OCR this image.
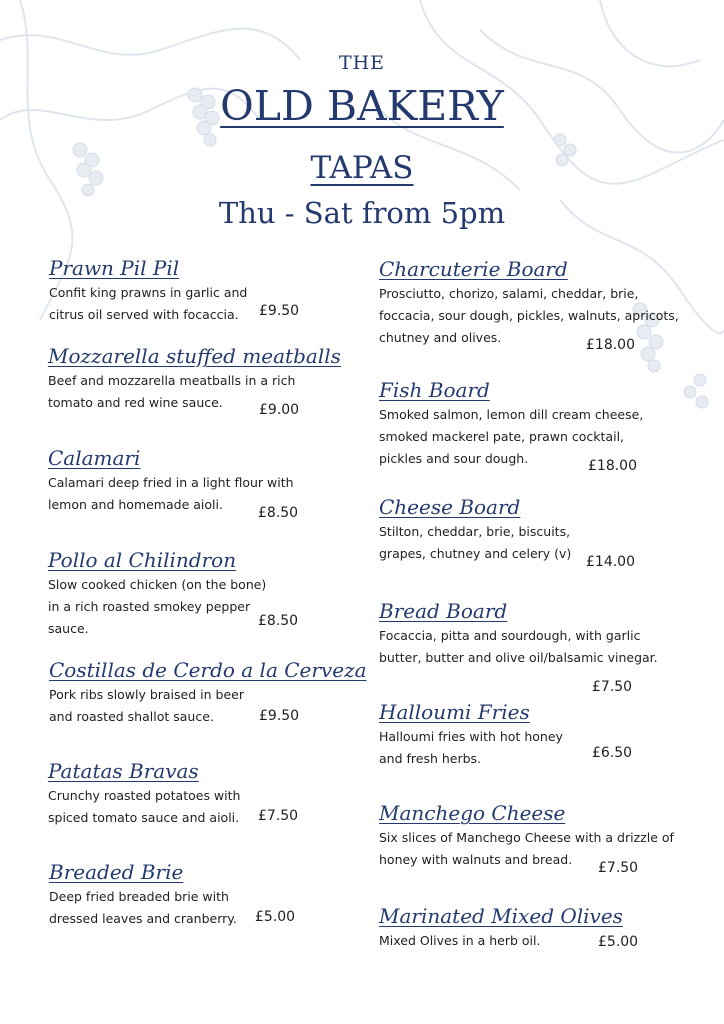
THE
OLD BAKERY
TAPAS
Thu - Sat from 5pm
Prawn Pil Pil
Confit king prawns in garlic and citrus oil served with focaccia.	£9.50
Mozzarella stuffed meatballs
Beef and mozzarella meatballs in a rich tomato and red wine sauce.	£9.00
Calamari
Calamari deep fried in a light flour with lemon and homemade aioli.
£8.50
Pollo al Chilindron
Slow cooked chicken (on the bone) in a rich roasted smokey pepper sauce.	£8.50
Costillas de Cerdo a la Cerveza
Pork ribs slowly braised in beer and roasted shallot sauce.	£9.50
Patatas Bravas
Crunchy roasted potatoes with spiced tomato sauce and aioli. £7.50
Breaded Brie
Deep fried breaded brie with dressed leaves and cranberry.	£5.00
Charcuterie Board
Prosciutto, chorizo, salami, cheddar, brie, foccacia, sour dough, pickles, walnuts, apricots, chutney and olives.	£18.00
Fish Board
Smoked salmon, lemon dill cream cheese, smoked mackerel pate, prawn cocktail, pickles and sour dough.	£18.00
Cheese Board
Stilton, cheddar, brie, biscuits, grapes, chutney and celery (v)
£14.00
Bread Board
Focaccia, pitta and sourdough, with garlic butter, butter and olive oil/balsamic vinegar.
£7.50
Halloumi Fries
Halloumi fries with hot honey and fresh herbs.	£6.50
Manchego Cheese
Six slices of Manchego Cheese with a drizzle of honey with walnuts and bread.
£7.50
Marinated Mixed Olives
Mixed Olives in a herb oil.	£5.00
